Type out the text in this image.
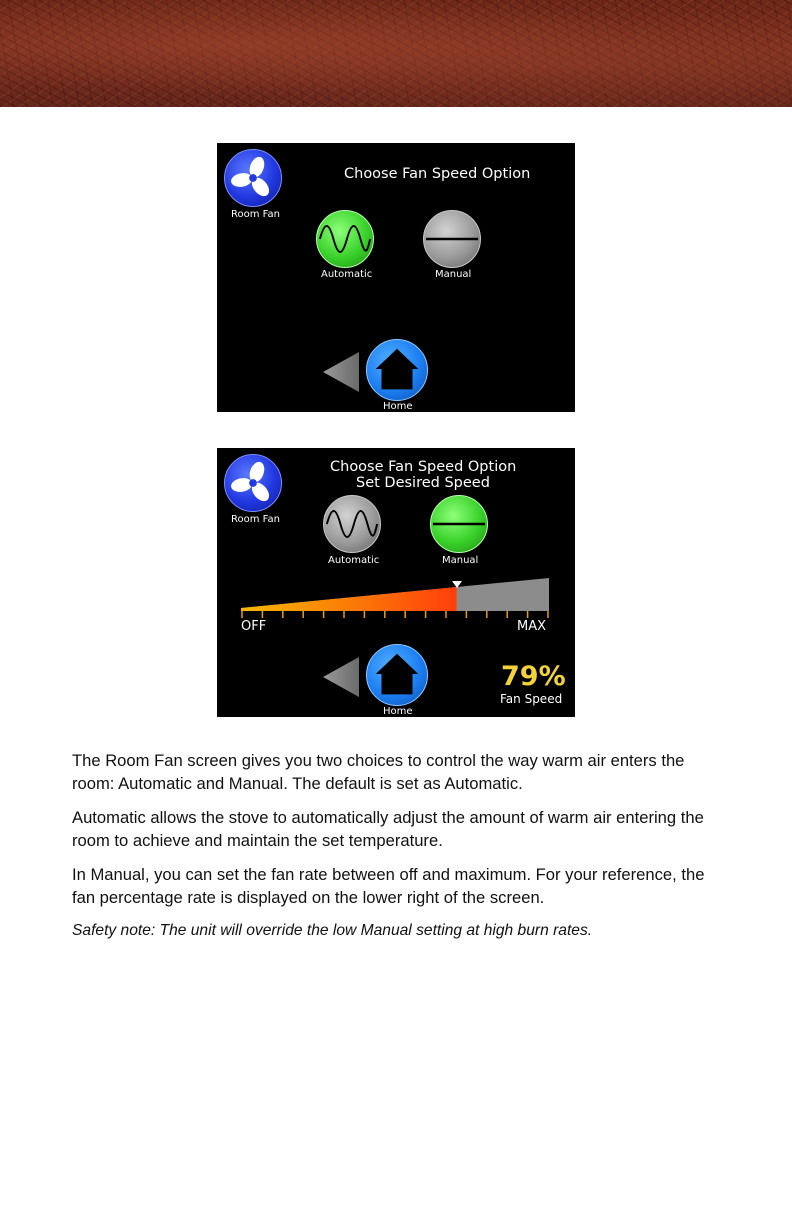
Room Fan
Choose Fan Speed Option
Automatic	Manual
Home
Room Fan
Choose Fan Speed Option
Set Desired Speed
Automatic	Manual
OFF	MAX
Home
79%
Fan Speed

The Room Fan screen gives you two choices to control the way warm air enters the room: Automatic and Manual. The default is set as Automatic.

Automatic allows the stove to automatically adjust the amount of warm air entering the room to achieve and maintain the set temperature.

In Manual, you can set the fan rate between off and maximum. For your reference, the fan percentage rate is displayed on the lower right of the screen.

Safety note: The unit will override the low Manual setting at high burn rates.
